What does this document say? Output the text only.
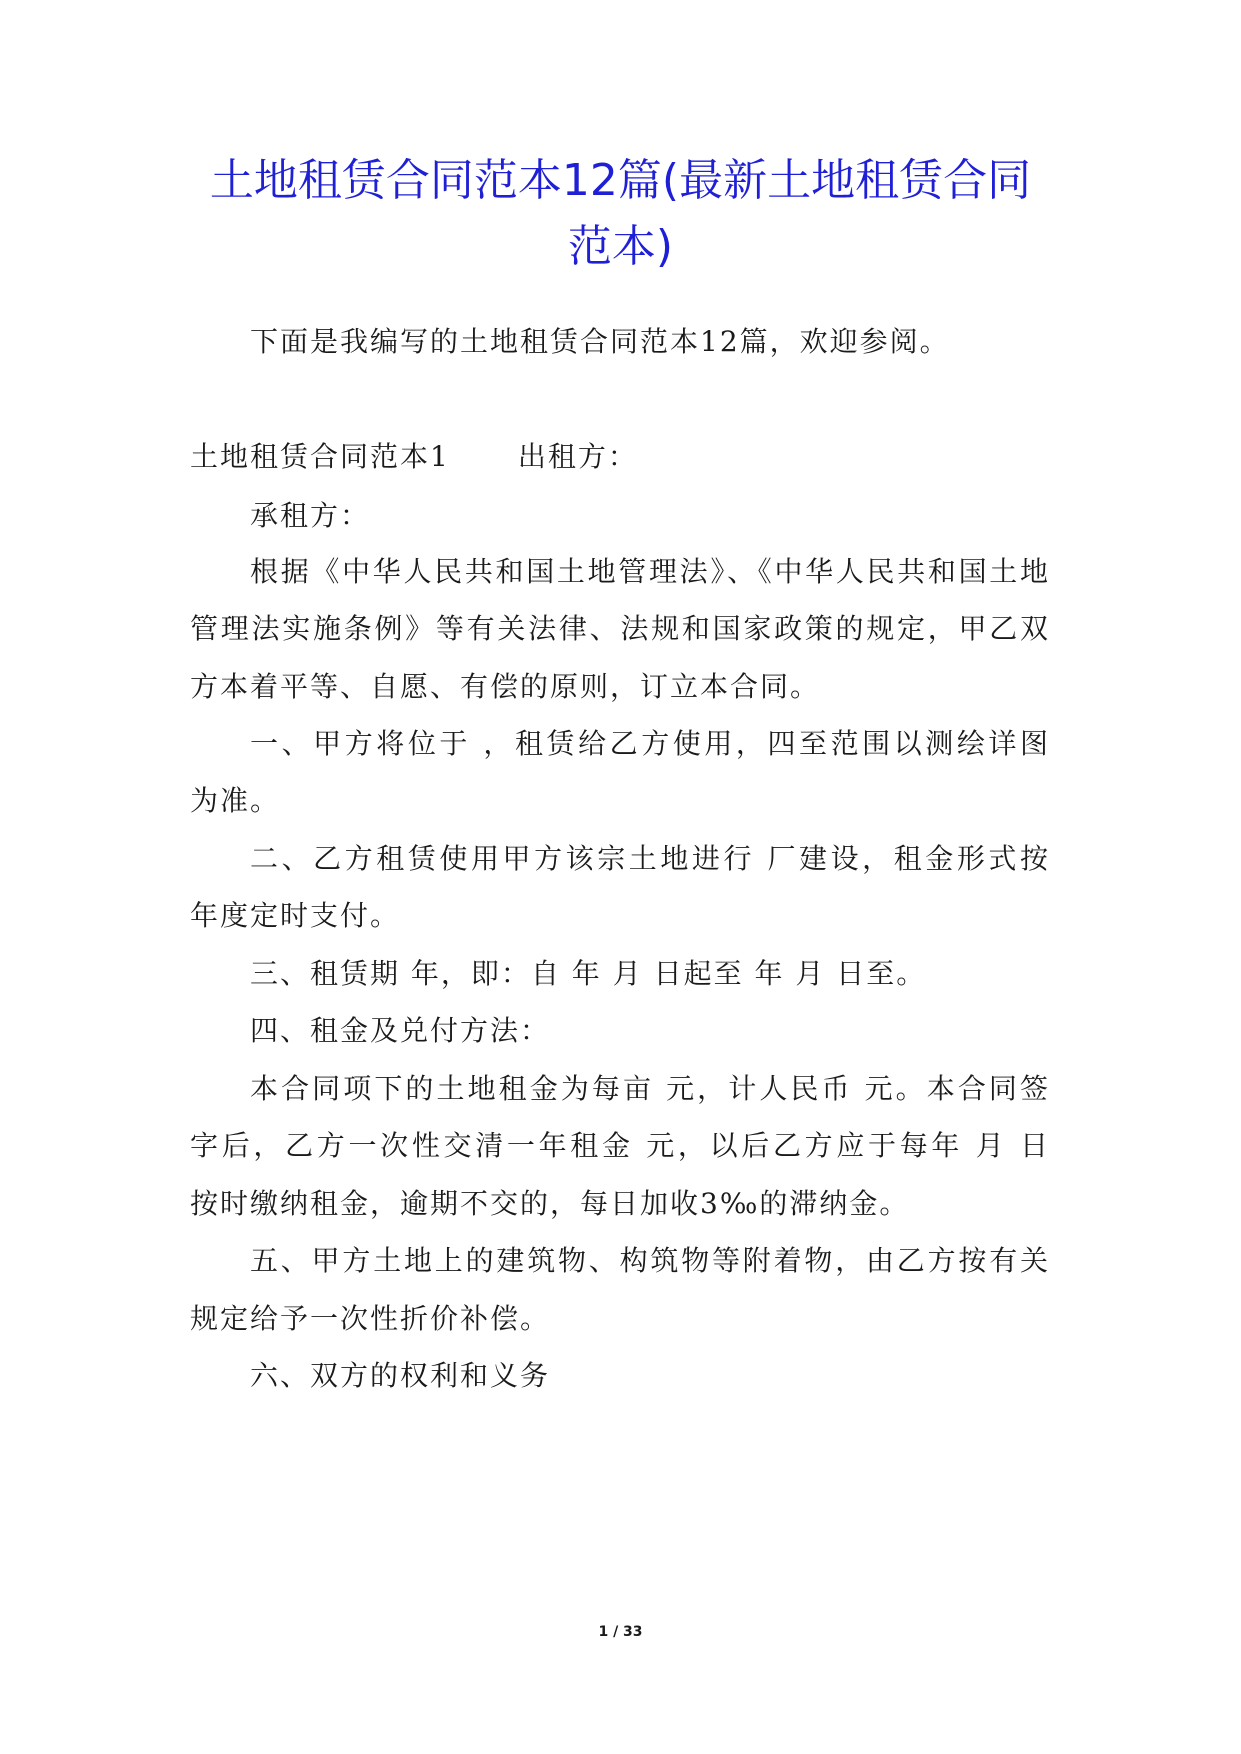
土地租赁合同范本12篇(最新土地租赁合同
范本)
下面是我编写的土地租赁合同范本12篇，欢迎参阅。
土地租赁合同范本1 出租方：
承租方：
根据《中华人民共和国土地管理法》、《中华人民共和国土地
管理法实施条例》等有关法律、法规和国家政策的规定，甲乙双
方本着平等、自愿、有偿的原则，订立本合同。
一、甲方将位于 ，租赁给乙方使用，四至范围以测绘详图
为准。
二、乙方租赁使用甲方该宗土地进行 厂建设，租金形式按
年度定时支付。
三、租赁期 年，即：自 年 月 日起至 年 月 日至。
四、租金及兑付方法：
本合同项下的土地租金为每亩 元，计人民币 元。本合同签
字后，乙方一次性交清一年租金 元，以后乙方应于每年 月 日
按时缴纳租金，逾期不交的，每日加收3‰的滞纳金。
五、甲方土地上的建筑物、构筑物等附着物，由乙方按有关
规定给予一次性折价补偿。
六、双方的权利和义务
1 / 33
